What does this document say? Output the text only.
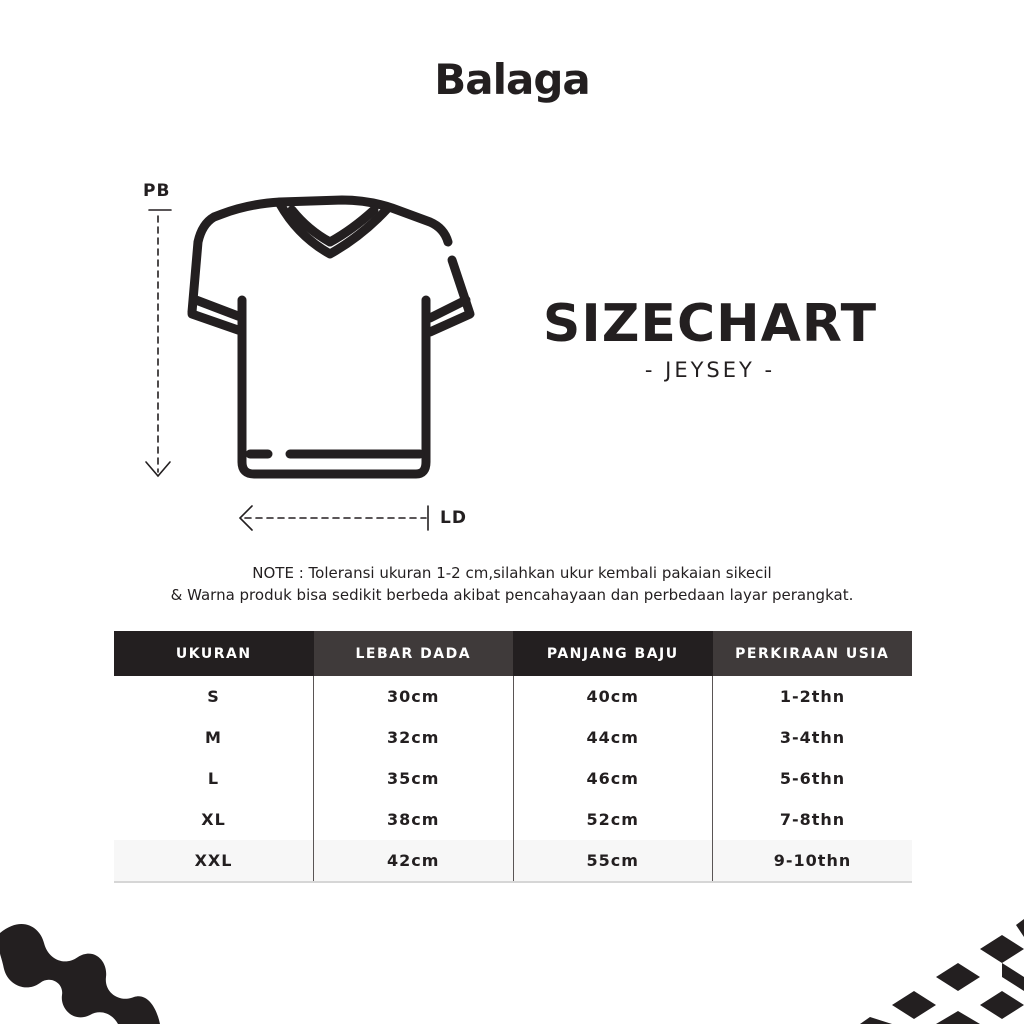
Balaga
PB
LD
SIZECHART
- JEYSEY -
NOTE : Toleransi ukuran 1-2 cm,silahkan ukur kembali pakaian sikecil
& Warna produk bisa sedikit berbeda akibat pencahayaan dan perbedaan layar perangkat.
UKURAN	LEBAR DADA	PANJANG BAJU	PERKIRAAN USIA
S	30cm	40cm	1-2thn
M	32cm	44cm	3-4thn
L	35cm	46cm	5-6thn
XL	38cm	52cm	7-8thn
XXL	42cm	55cm	9-10thn
